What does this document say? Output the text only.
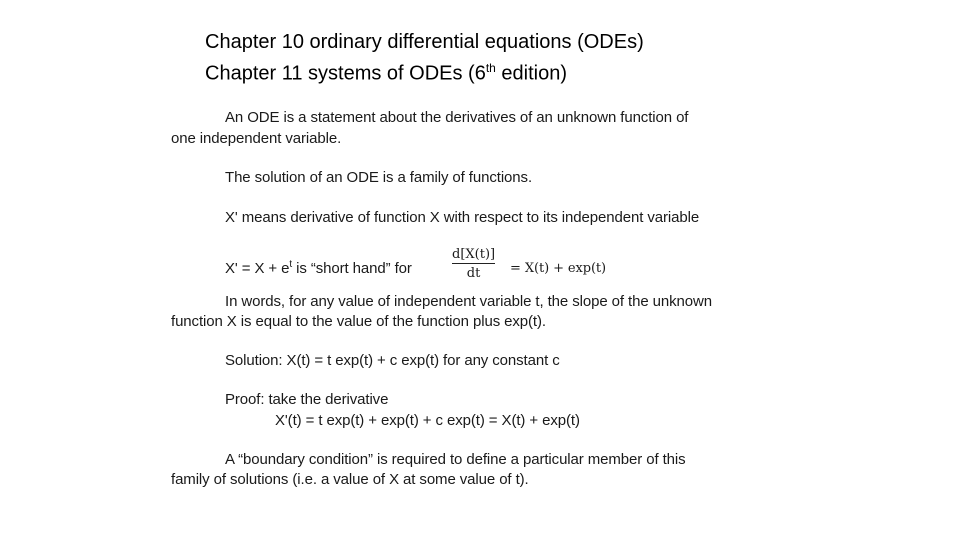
Chapter 10 ordinary differential equations (ODEs)
Chapter 11 systems of ODEs (6th edition)
An ODE is a statement about the derivatives of an unknown function of
one independent variable.
The solution of an ODE is a family of functions.
X' means derivative of function X with respect to its independent variable
$X' = X + e^t$ is “short hand” for
d[X(t)]
dt = X(t) + exp(t)
In words, for any value of independent variable t, the slope of the unknown
function X is equal to the value of the function plus exp(t).
Solution: X(t) = t exp(t) + c exp(t) for any constant c
Proof: take the derivative
X'(t) = t exp(t) + exp(t) + c exp(t) = X(t) + exp(t)
A “boundary condition” is required to define a particular member of this
family of solutions (i.e. a value of X at some value of t).
